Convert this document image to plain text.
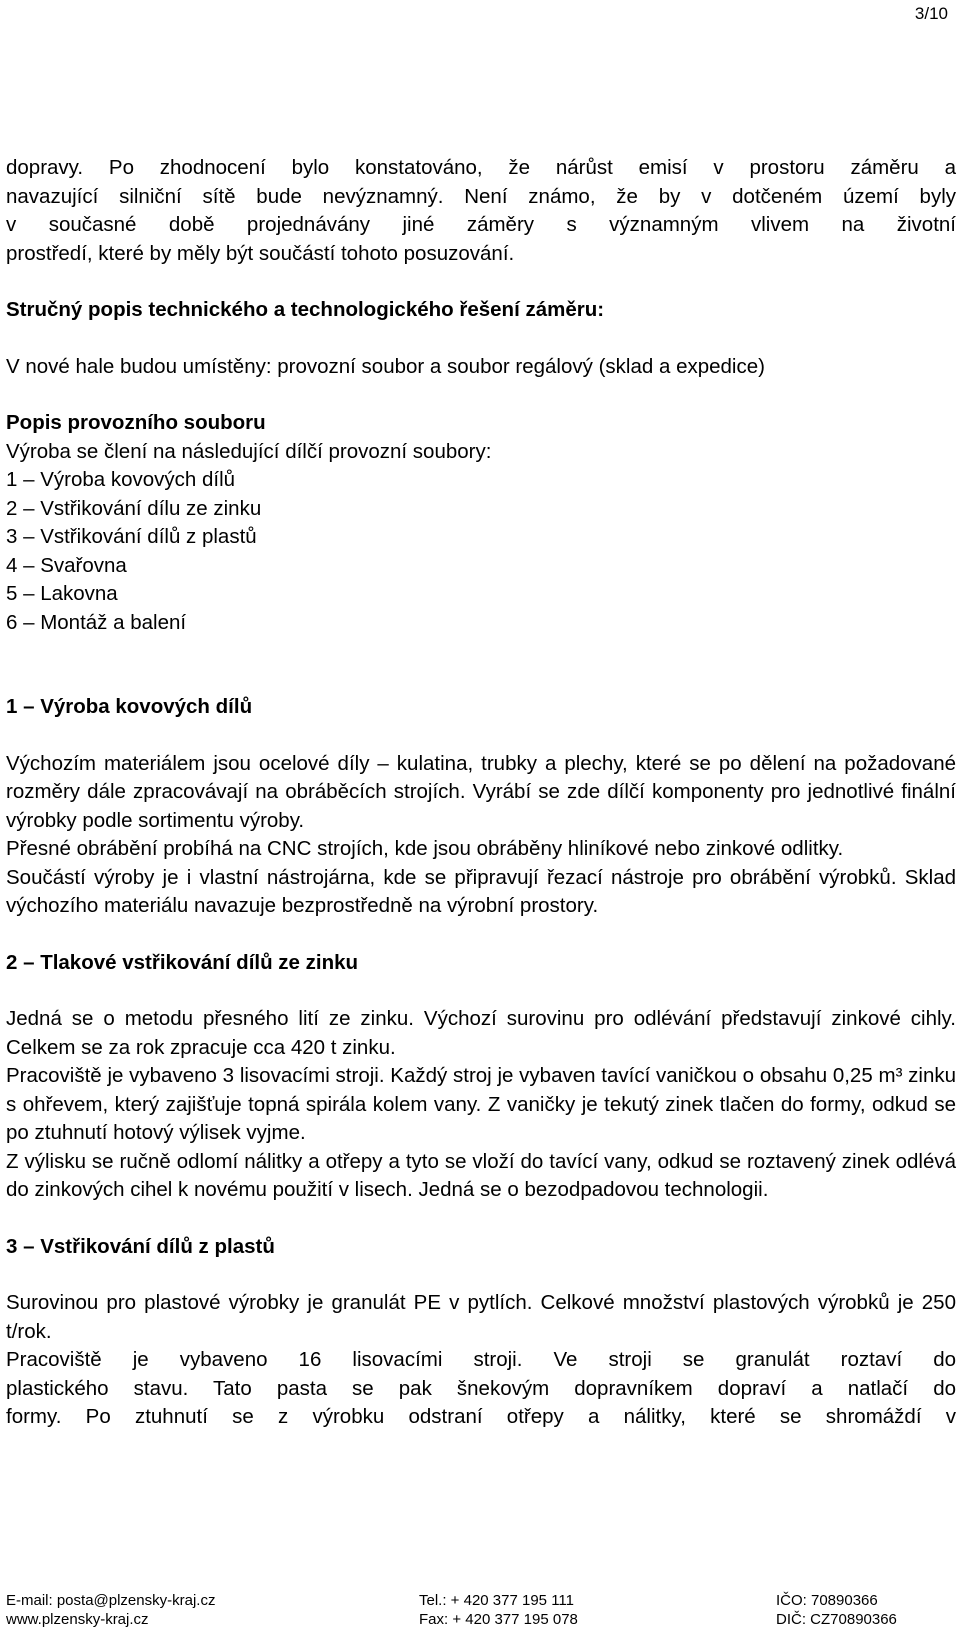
3/10

dopravy. Po zhodnocení bylo konstatováno, že nárůst emisí v prostoru záměru a

navazující silniční sítě bude nevýznamný. Není známo, že by v dotčeném území byly

v současné době projednávány jiné záměry s významným vlivem na životní

prostředí, které by měly být součástí tohoto posuzování.

Stručný popis technického a technologického řešení záměru:

V nové hale budou umístěny: provozní soubor a soubor regálový (sklad a expedice)

Popis provozního souboru

Výroba se člení na následující dílčí provozní soubory:

1 – Výroba kovových dílů

2 – Vstřikování dílu ze zinku

3 – Vstřikování dílů z plastů

4 – Svařovna

5 – Lakovna

6 – Montáž a balení

1 – Výroba kovových dílů

Výchozím materiálem jsou ocelové díly – kulatina, trubky a plechy, které se po dělení na požadované rozměry dále zpracovávají na obráběcích strojích. Vyrábí se zde dílčí komponenty pro jednotlivé finální výrobky podle sortimentu výroby.

Přesné obrábění probíhá na CNC strojích, kde jsou obráběny hliníkové nebo zinkové odlitky.

Součástí výroby je i vlastní nástrojárna, kde se připravují řezací nástroje pro obrábění výrobků. Sklad výchozího materiálu navazuje bezprostředně na výrobní prostory.

2 – Tlakové vstřikování dílů ze zinku

Jedná se o metodu přesného lití ze zinku. Výchozí surovinu pro odlévání představují zinkové cihly. Celkem se za rok zpracuje cca 420 t zinku.

Pracoviště je vybaveno 3 lisovacími stroji. Každý stroj je vybaven tavící vaničkou o obsahu 0,25 m³ zinku s ohřevem, který zajišťuje topná spirála kolem vany. Z vaničky je tekutý zinek tlačen do formy, odkud se po ztuhnutí hotový výlisek vyjme.

Z výlisku se ručně odlomí nálitky a otřepy a tyto se vloží do tavící vany, odkud se roztavený zinek odlévá do zinkových cihel k novému použití v lisech. Jedná se o bezodpadovou technologii.

3 – Vstřikování dílů z plastů

Surovinou pro plastové výrobky je granulát PE v pytlích. Celkové množství plastových výrobků je 250 t/rok.

Pracoviště je vybaveno 16 lisovacími stroji. Ve stroji se granulát roztaví do

plastického stavu. Tato pasta se pak šnekovým dopravníkem dopraví a natlačí do

formy. Po ztuhnutí se z výrobku odstraní otřepy a nálitky, které se shromáždí v

E-mail: posta@plzensky-kraj.cz
www.plzensky-kraj.cz
Tel.: + 420 377 195 111
Fax: + 420 377 195 078
IČO: 70890366
DIČ: CZ70890366
